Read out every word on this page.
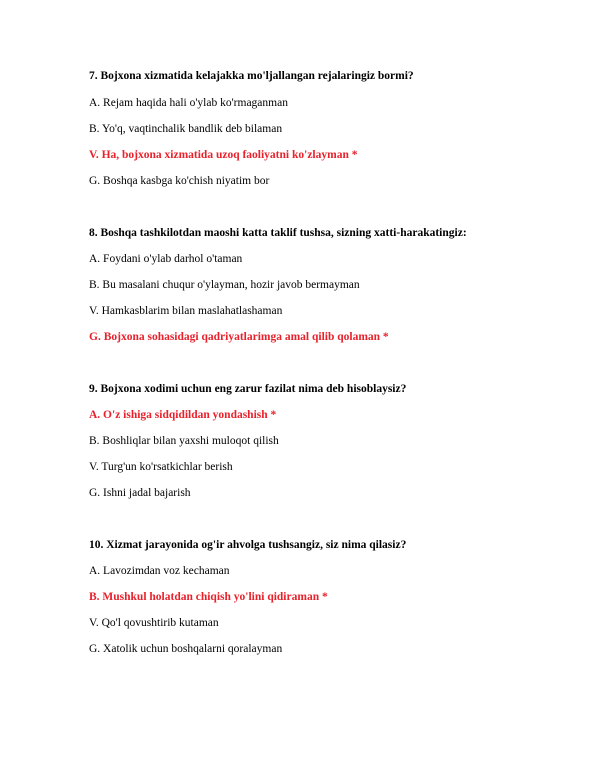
7. Bojxona xizmatida kelajakka mo'ljallangan rejalaringiz bormi?

A. Rejam haqida hali o'ylab ko'rmaganman

B. Yo'q, vaqtinchalik bandlik deb bilaman

V. Ha, bojxona xizmatida uzoq faoliyatni ko'zlayman *

G. Boshqa kasbga ko'chish niyatim bor

8. Boshqa tashkilotdan maoshi katta taklif tushsa, sizning xatti-harakatingiz:

A. Foydani o'ylab darhol o'taman

B. Bu masalani chuqur o'ylayman, hozir javob bermayman

V. Hamkasblarim bilan maslahatlashaman

G. Bojxona sohasidagi qadriyatlarimga amal qilib qolaman *

9. Bojxona xodimi uchun eng zarur fazilat nima deb hisoblaysiz?

A. O'z ishiga sidqidildan yondashish *

B. Boshliqlar bilan yaxshi muloqot qilish

V. Turg'un ko'rsatkichlar berish

G. Ishni jadal bajarish

10. Xizmat jarayonida og'ir ahvolga tushsangiz, siz nima qilasiz?

A. Lavozimdan voz kechaman

B. Mushkul holatdan chiqish yo'lini qidiraman *

V. Qo'l qovushtirib kutaman

G. Xatolik uchun boshqalarni qoralayman
